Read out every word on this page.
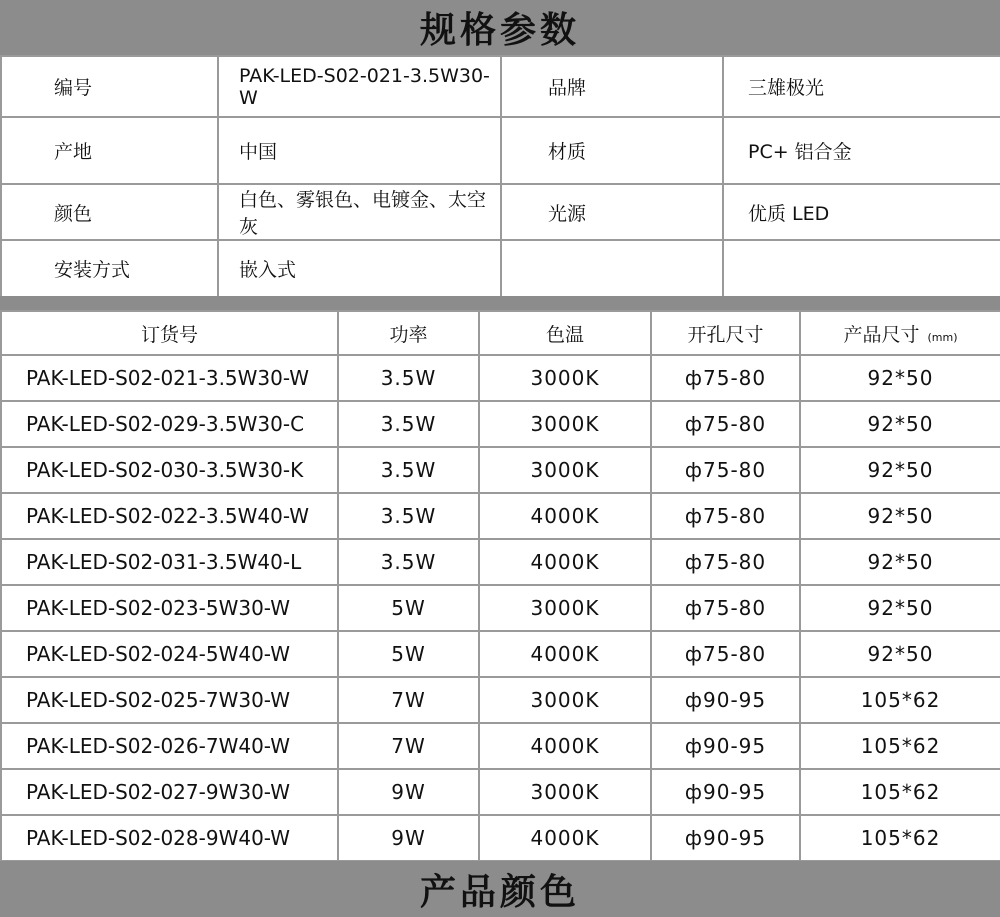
规格参数
编号	PAK-LED-S02-021-3.5W30-W	品牌	三雄极光
产地	中国	材质	PC+ 铝合金
颜色	白色、雾银色、电镀金、太空灰	光源	优质 LED
安装方式	嵌入式		
订货号	功率	色温	开孔尺寸	产品尺寸 (mm)
PAK-LED-S02-021-3.5W30-W	3.5W	3000K	ф75-80	92*50
PAK-LED-S02-029-3.5W30-C	3.5W	3000K	ф75-80	92*50
PAK-LED-S02-030-3.5W30-K	3.5W	3000K	ф75-80	92*50
PAK-LED-S02-022-3.5W40-W	3.5W	4000K	ф75-80	92*50
PAK-LED-S02-031-3.5W40-L	3.5W	4000K	ф75-80	92*50
PAK-LED-S02-023-5W30-W	5W	3000K	ф75-80	92*50
PAK-LED-S02-024-5W40-W	5W	4000K	ф75-80	92*50
PAK-LED-S02-025-7W30-W	7W	3000K	ф90-95	105*62
PAK-LED-S02-026-7W40-W	7W	4000K	ф90-95	105*62
PAK-LED-S02-027-9W30-W	9W	3000K	ф90-95	105*62
PAK-LED-S02-028-9W40-W	9W	4000K	ф90-95	105*62
产品颜色
